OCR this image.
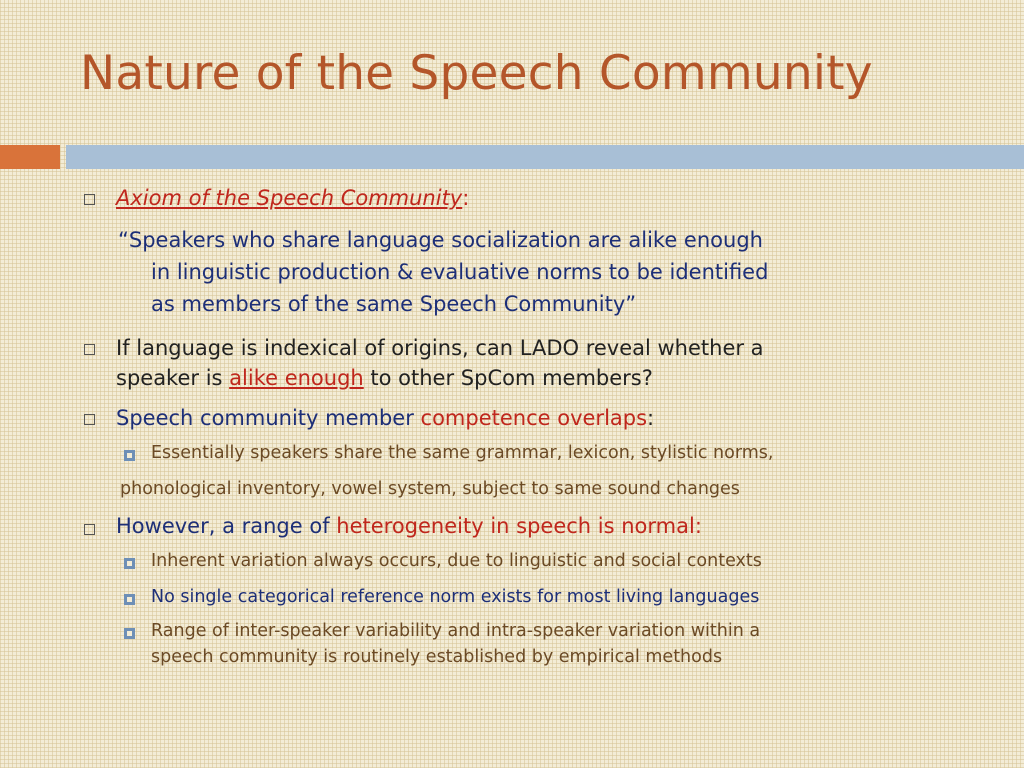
Nature of the Speech Community
Axiom of the Speech Community:
“Speakers who share language socialization are alike enough
in linguistic production & evaluative norms to be identified
as members of the same Speech Community”
If language is indexical of origins, can LADO reveal whether a
speaker is alike enough to other SpCom members?
Speech community member competence overlaps:
Essentially speakers share the same grammar, lexicon, stylistic norms,
phonological inventory, vowel system, subject to same sound changes
However, a range of heterogeneity in speech is normal:
Inherent variation always occurs, due to linguistic and social contexts
No single categorical reference norm exists for most living languages
Range of inter-speaker variability and intra-speaker variation within a
speech community is routinely established by empirical methods
